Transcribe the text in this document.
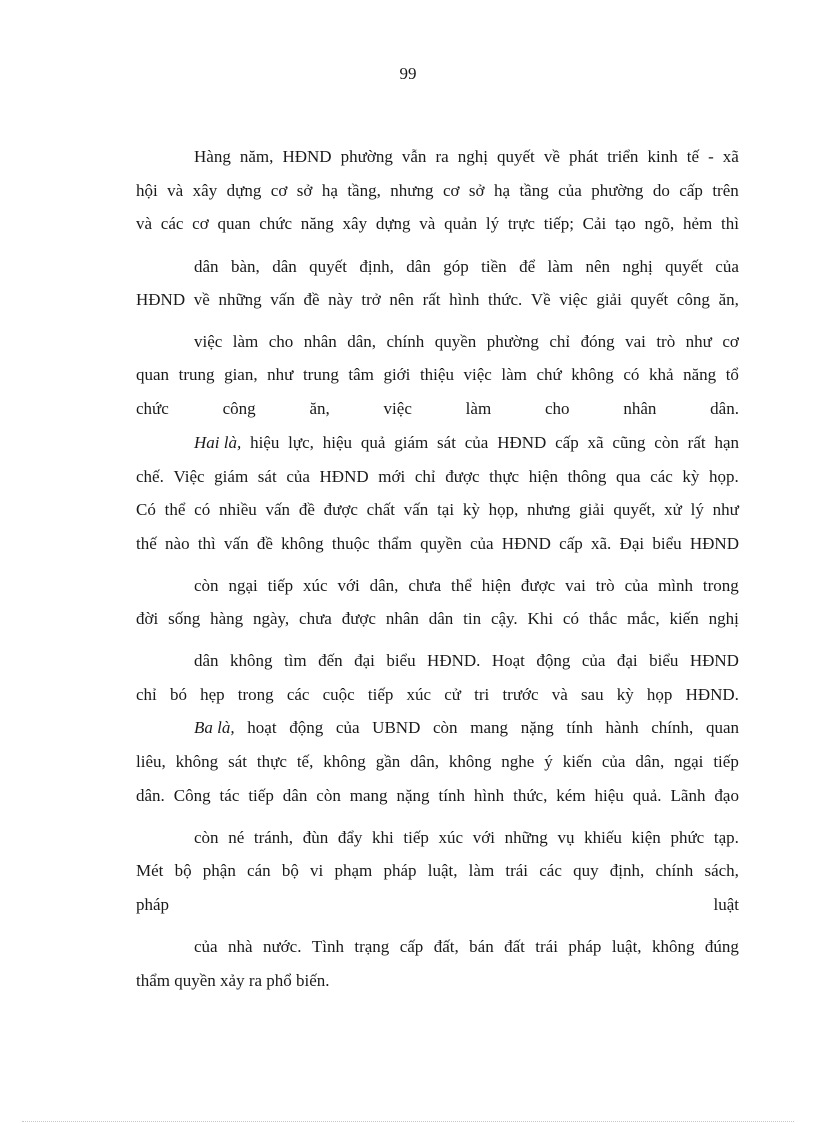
99
Hàng năm, HĐND phường vẫn ra nghị quyết về phát triển kinh tế - xã
hội và xây dựng cơ sở hạ tầng, nhưng cơ sở hạ tầng của phường do cấp trên
và các cơ quan chức năng xây dựng và quản lý trực tiếp; Cải tạo ngõ, hẻm thì
dân bàn, dân quyết định, dân góp tiền để làm nên nghị quyết của
HĐND về những vấn đề này trở nên rất hình thức. Về việc giải quyết công ăn,
việc làm cho nhân dân, chính quyền phường chỉ đóng vai trò như cơ
quan trung gian, như trung tâm giới thiệu việc làm chứ không có khả năng tổ
chức	công	ăn,	việc	làm	cho	nhân	dân.
Hai là, hiệu lực, hiệu quả giám sát của HĐND cấp xã cũng còn rất hạn
chế. Việc giám sát của HĐND mới chỉ được thực hiện thông qua các kỳ họp.
Có thể có nhiều vấn đề được chất vấn tại kỳ họp, nhưng giải quyết, xử lý như
thế nào thì vấn đề không thuộc thẩm quyền của HĐND cấp xã. Đại biểu HĐND
còn ngại tiếp xúc với dân, chưa thể hiện được vai trò của mình trong
đời sống hàng ngày, chưa được nhân dân tin cậy. Khi có thắc mắc, kiến nghị
dân không tìm đến đại biểu HĐND. Hoạt động của đại biểu HĐND
chỉ bó hẹp trong các cuộc tiếp xúc cử tri trước và sau kỳ họp HĐND.
Ba là, hoạt động của UBND còn mang nặng tính hành chính, quan
liêu, không sát thực tế, không gần dân, không nghe ý kiến của dân, ngại tiếp
dân. Công tác tiếp dân còn mang nặng tính hình thức, kém hiệu quả. Lãnh đạo
còn né tránh, đùn đẩy khi tiếp xúc với những vụ khiếu kiện phức tạp.
Mét bộ phận cán bộ vi phạm pháp luật, làm trái các quy định, chính sách,
pháp	luật
của nhà nước. Tình trạng cấp đất, bán đất trái pháp luật, không đúng
thẩm quyền xảy ra phổ biến.
